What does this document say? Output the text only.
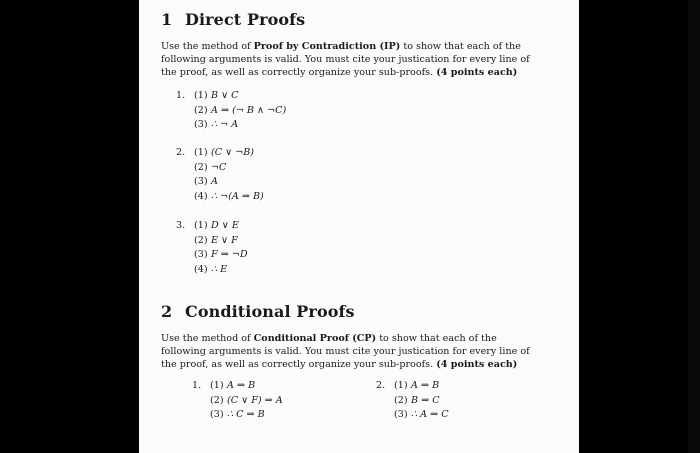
1 Direct Proofs

Use the method of Proof by Contradiction (IP) to show that each of the following arguments is valid. You must cite your justication for every line of the proof, as well as correctly organize your sub-proofs. (4 points each)

1. (1) B ∨ C
(2) A ⇒ (¬ B ∧ ¬C)
(3) ∴ ¬ A
2. (1) (C ∨ ¬B)
(2) ¬C
(3) A
(4) ∴ ¬(A ⇒ B)
3. (1) D ∨ E
(2) E ∨ F
(3) F ⇒ ¬D
(4) ∴ E
2 Conditional Proofs

Use the method of Conditional Proof (CP) to show that each of the following arguments is valid. You must cite your justication for every line of the proof, as well as correctly organize your sub-proofs. (4 points each)

1. (1) A ⇒ B
(2) (C ∨ F) ⇒ A
(3) ∴ C ⇒ B
2. (1) A ⇒ B
(2) B ⇒ C
(3) ∴ A ⇒ C
